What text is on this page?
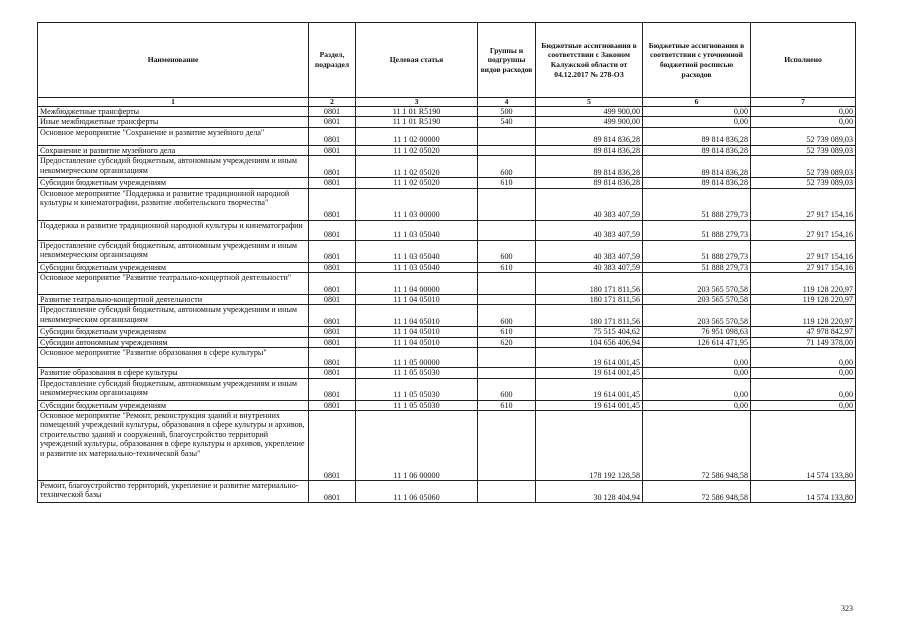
Наименование	Раздел, подраздел	Целевая статья	Группы и подгруппы видов расходов	Бюджетные ассигнования в соответствии с Законом Калужской области от 04.12.2017 № 278-ОЗ	Бюджетные ассигнования в соответствии с уточненной бюджетной росписью расходов	Исполнено
1	2	3	4	5	6	7
Межбюджетные трансферты	0801	11 1 01 R5190	500	499 900,00	0,00	0,00
Иные межбюджетные трансферты	0801	11 1 01 R5190	540	499 900,00	0,00	0,00
Основное мероприятие "Сохранение и развитие музейного дела"	0801	11 1 02 00000		89 814 836,28	89 814 836,28	52 739 089,03
Сохранение и развитие музейного дела	0801	11 1 02 05020		89 814 836,28	89 814 836,28	52 739 089,03
Предоставление субсидий бюджетным, автономным учреждениям и иным некоммерческим организациям	0801	11 1 02 05020	600	89 814 836,28	89 814 836,28	52 739 089,03
Субсидии бюджетным учреждениям	0801	11 1 02 05020	610	89 814 836,28	89 814 836,28	52 739 089,03
Основное мероприятие "Поддержка и развитие традиционной народной культуры и кинематографии, развитие любительского творчества"	0801	11 1 03 00000		40 383 407,59	51 888 279,73	27 917 154,16
Поддержка и развитие традиционной народной культуры и кинематографии	0801	11 1 03 05040		40 383 407,59	51 888 279,73	27 917 154,16
Предоставление субсидий бюджетным, автономным учреждениям и иным некоммерческим организациям	0801	11 1 03 05040	600	40 383 407,59	51 888 279,73	27 917 154,16
Субсидии бюджетным учреждениям	0801	11 1 03 05040	610	40 383 407,59	51 888 279,73	27 917 154,16
Основное мероприятие "Развитие театрально-концертной деятельности"	0801	11 1 04 00000		180 171 811,56	203 565 570,58	119 128 220,97
Развитие театрально-концертной деятельности	0801	11 1 04 05010		180 171 811,56	203 565 570,58	119 128 220,97
Предоставление субсидий бюджетным, автономным учреждениям и иным некоммерческим организациям	0801	11 1 04 05010	600	180 171 811,56	203 565 570,58	119 128 220,97
Субсидии бюджетным учреждениям	0801	11 1 04 05010	610	75 515 404,62	76 951 098,63	47 978 842,97
Субсидии автономным учреждениям	0801	11 1 04 05010	620	104 656 406,94	126 614 471,95	71 149 378,00
Основное мероприятие "Развитие образования в сфере культуры"	0801	11 1 05 00000		19 614 001,45	0,00	0,00
Развитие образования в сфере культуры	0801	11 1 05 05030		19 614 001,45	0,00	0,00
Предоставление субсидий бюджетным, автономным учреждениям и иным некоммерческим организациям	0801	11 1 05 05030	600	19 614 001,45	0,00	0,00
Субсидии бюджетным учреждениям	0801	11 1 05 05030	610	19 614 001,45	0,00	0,00
Основное мероприятие "Ремонт, реконструкция зданий и внутренних помещений учреждений культуры, образования в сфере культуры и архивов, строительство зданий и сооружений, благоустройство территорий учреждений культуры, образования в сфере культуры и архивов, укрепление и развитие их материально-технической базы"	0801	11 1 06 00000		178 192 128,58	72 586 948,58	14 574 133,80
Ремонт, благоустройство территорий, укрепление и развитие материально-технической базы	0801	11 1 06 05060		30 128 404,94	72 586 948,58	14 574 133,80
323
